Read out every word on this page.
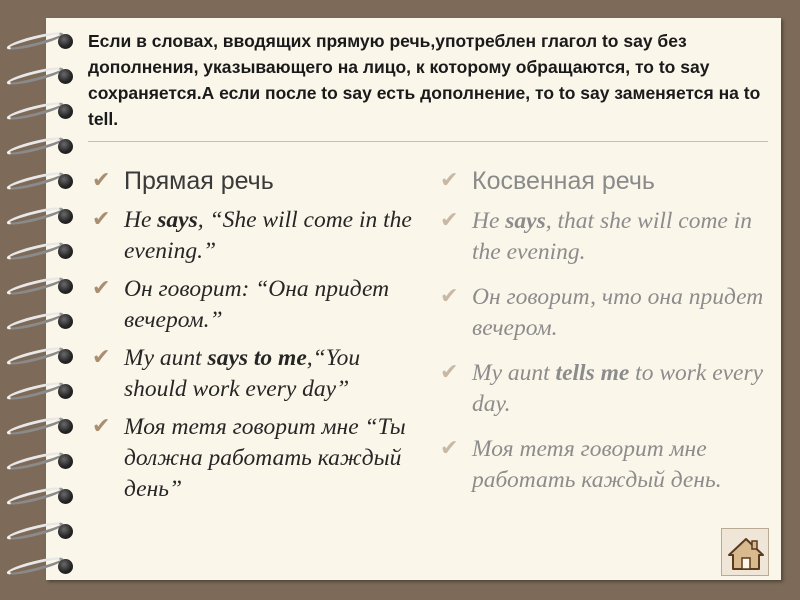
Если в словах, вводящих прямую речь,употреблен глагол to say без дополнения, указывающего на лицо, к которому обращаются, то to say сохраняется.А если после to say есть дополнение, то to say заменяется на to tell.

✔ Прямая речь
✔ He says, “She will come in the evening.”
✔ Он говорит: “Она придет вечером.”
✔ My aunt says to me,“You should work every day”
✔ Моя тетя говорит мне “Ты должна работать каждый день”
✔ Косвенная речь
✔ He says, that she will come in the evening.
✔ Он говорит, что она придет вечером.
✔ My aunt tells me to work every day.
✔ Моя тетя говорит мне работать каждый день.
